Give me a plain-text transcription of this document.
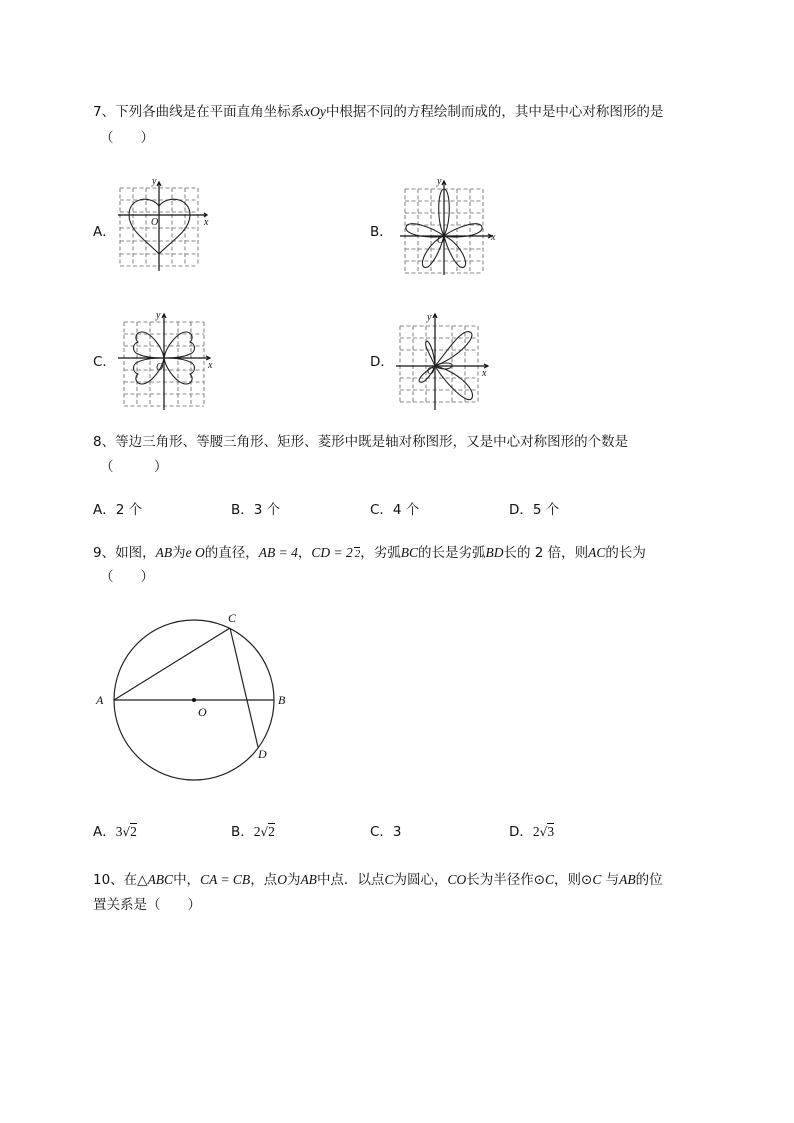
7、下列各曲线是在平面直角坐标系xOy中根据不同的方程绘制而成的，其中是中心对称图形的是
（　　）
A．
y
x
O
B．
y
x
O
C．
y
x
O	D．
y
x
O
8、等边三角形、等腰三角形、矩形、菱形中既是轴对称图形，又是中心对称图形的个数是
（　　　）
A．2 个	B．3 个	C．4 个	D．5 个
9、如图，AB为e O的直径，AB = 4，CD = 2 2，劣弧BC的长是劣弧BD长的 2 倍，则AC的长为
（　　）
A	B
C
D
O
A．3√2	B．2√2	C．3	D．2√3
10、在△ABC中，CA = CB，点O为AB中点．以点C为圆心，CO长为半径作⊙C，则⊙C 与AB的位
置关系是（　　）
